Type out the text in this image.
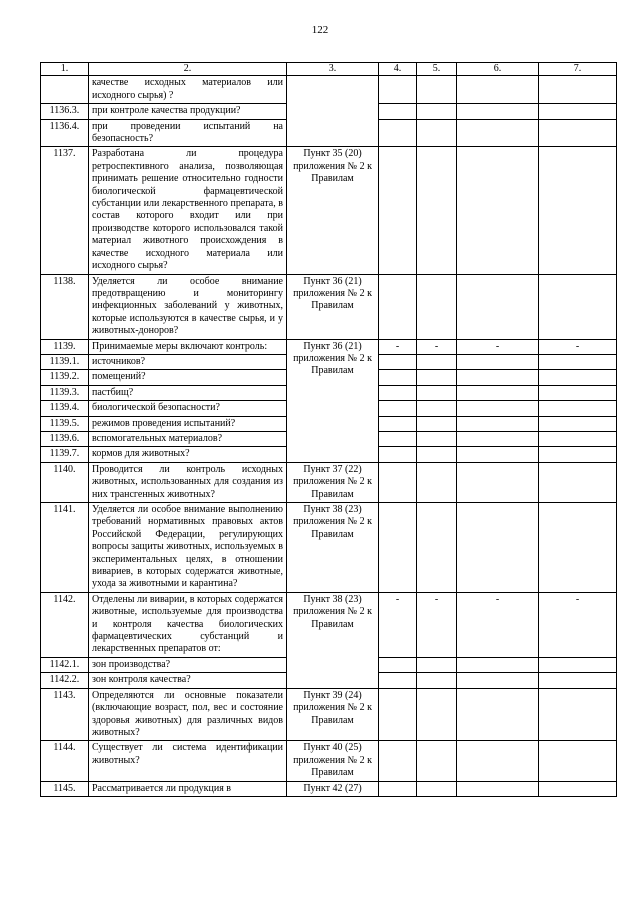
122
1.	2.	3.	4.	5.	6.	7.
	качестве исходных материалов или исходного сырья) ?					
1136.3.	при контроле качества продукции?					
1136.4.	при проведении испытаний на безопасность?					
1137.	Разработана ли процедура ретроспективного анализа, позволяющая принимать решение относительно годности биологической фармацевтической субстанции или лекарственного препарата, в состав которого входит или при производстве которого использовался такой материал животного происхождения в качестве исходного материала или исходного сырья?	Пункт 35 (20) приложения № 2 к Правилам				
1138.	Уделяется ли особое внимание предотвращению и мониторингу инфекционных заболеваний у животных, которые используются в качестве сырья, и у животных-доноров?	Пункт 36 (21) приложения № 2 к Правилам				
1139.	Принимаемые меры включают контроль:	Пункт 36 (21) приложения № 2 к Правилам	-	-	-	-
1139.1.	источников?					
1139.2.	помещений?					
1139.3.	пастбищ?					
1139.4.	биологической безопасности?					
1139.5.	режимов проведения испытаний?					
1139.6.	вспомогательных материалов?					
1139.7.	кормов для животных?					
1140.	Проводится ли контроль исходных животных, использованных для создания из них трансгенных животных?	Пункт 37 (22) приложения № 2 к Правилам				
1141.	Уделяется ли особое внимание выполнению требований нормативных правовых актов Российской Федерации, регулирующих вопросы защиты животных, используемых в экспериментальных целях, в отношении вивариев, в которых содержатся животные, ухода за животными и карантина?	Пункт 38 (23) приложения № 2 к Правилам				
1142.	Отделены ли виварии, в которых содержатся животные, используемые для производства и контроля качества биологических фармацевтических субстанций и лекарственных препаратов от:	Пункт 38 (23) приложения № 2 к Правилам	-	-	-	-
1142.1.	зон производства?					
1142.2.	зон контроля качества?					
1143.	Определяются ли основные показатели (включающие возраст, пол, вес и состояние здоровья животных) для различных видов животных?	Пункт 39 (24) приложения № 2 к Правилам				
1144.	Существует ли система идентификации животных?	Пункт 40 (25) приложения № 2 к Правилам				
1145.	Рассматривается ли продукция в	Пункт 42 (27)				
